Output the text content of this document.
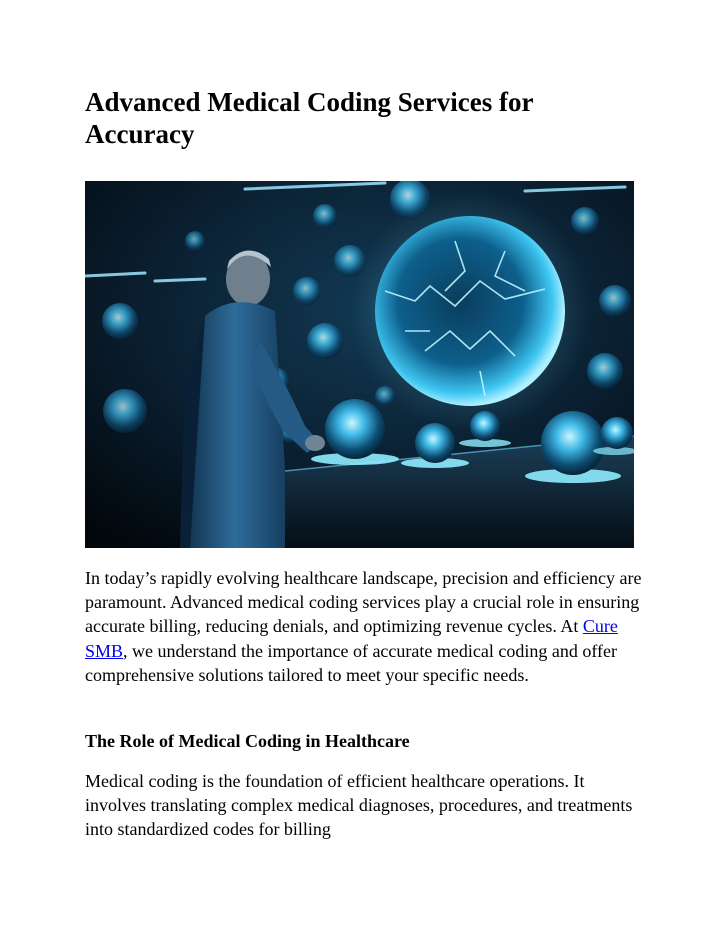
Advanced Medical Coding Services for Accuracy

In today’s rapidly evolving healthcare landscape, precision and efficiency are paramount. Advanced medical coding services play a crucial role in ensuring accurate billing, reducing denials, and optimizing revenue cycles. At Cure SMB, we understand the importance of accurate medical coding and offer comprehensive solutions tailored to meet your specific needs.

The Role of Medical Coding in Healthcare

Medical coding is the foundation of efficient healthcare operations. It involves translating complex medical diagnoses, procedures, and treatments into standardized codes for billing
